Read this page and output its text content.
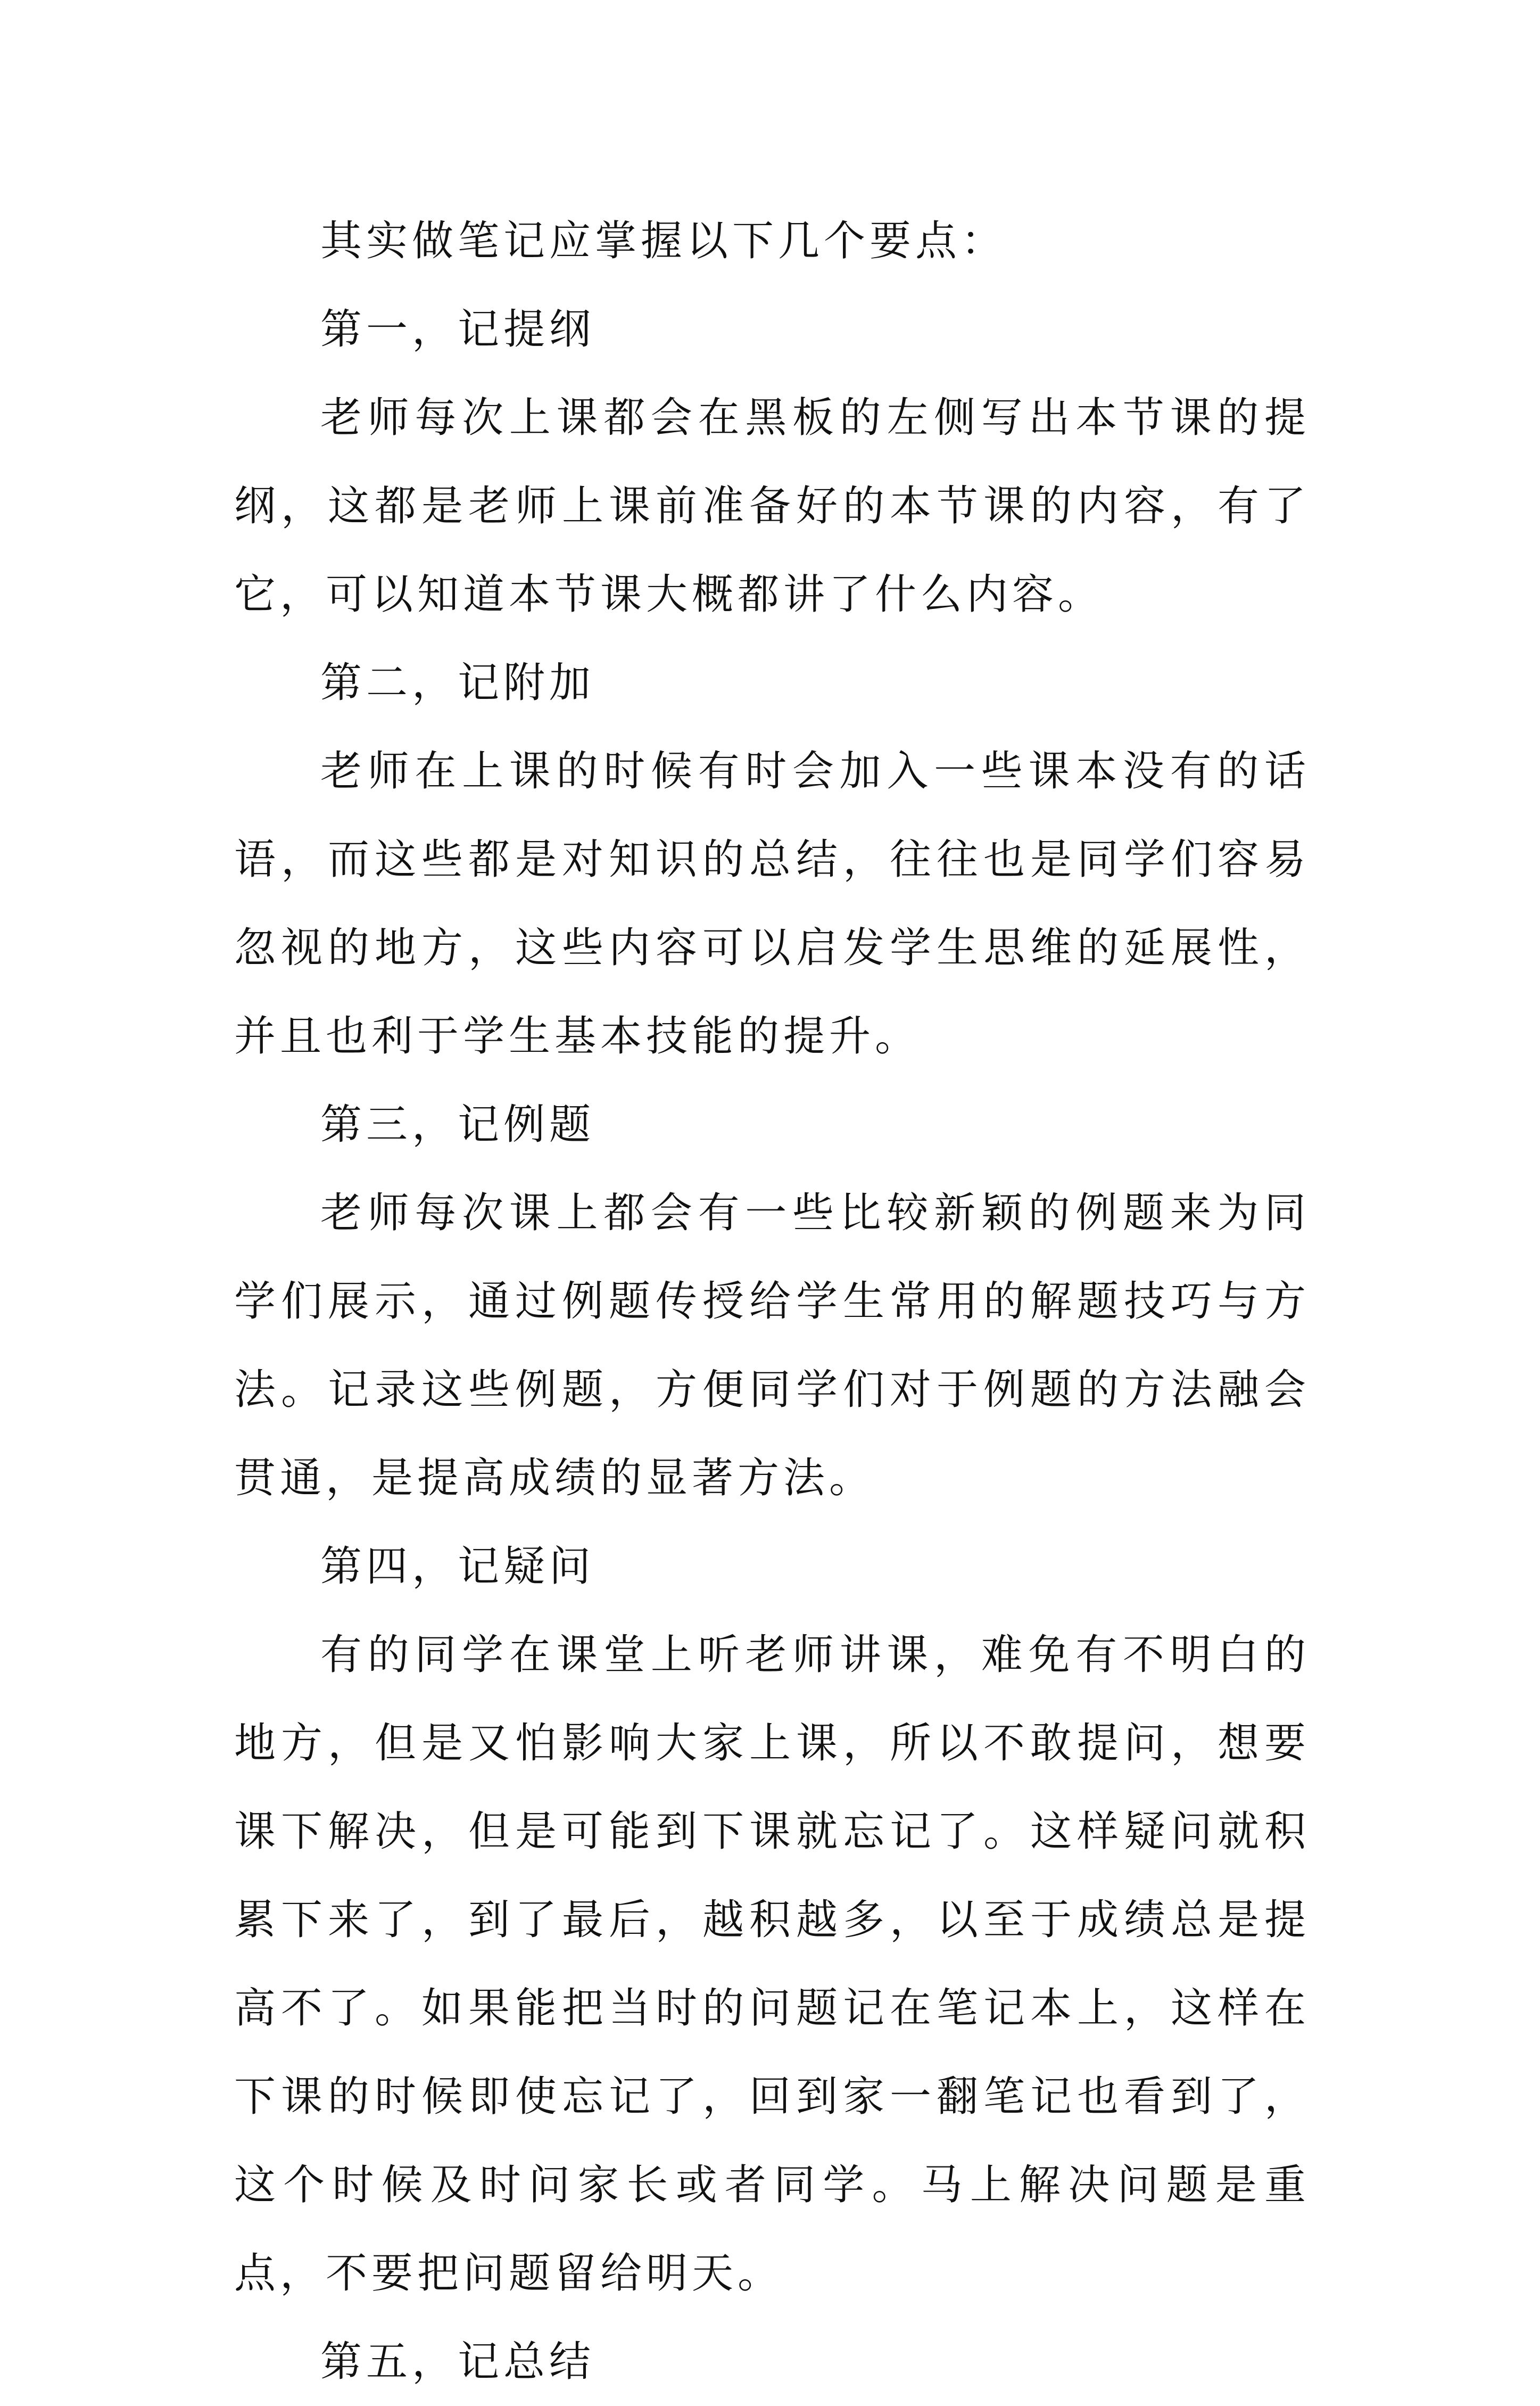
其实做笔记应掌握以下几个要点：

第一，记提纲

老师每次上课都会在黑板的左侧写出本节课的提纲，这都是老师上课前准备好的本节课的内容，有了它，可以知道本节课大概都讲了什么内容。

第二，记附加

老师在上课的时候有时会加入一些课本没有的话语，而这些都是对知识的总结，往往也是同学们容易忽视的地方，这些内容可以启发学生思维的延展性，并且也利于学生基本技能的提升。

第三，记例题

老师每次课上都会有一些比较新颖的例题来为同学们展示，通过例题传授给学生常用的解题技巧与方法。记录这些例题，方便同学们对于例题的方法融会贯通，是提高成绩的显著方法。

第四，记疑问

有的同学在课堂上听老师讲课，难免有不明白的地方，但是又怕影响大家上课，所以不敢提问，想要课下解决，但是可能到下课就忘记了。这样疑问就积累下来了，到了最后，越积越多，以至于成绩总是提高不了。如果能把当时的问题记在笔记本上，这样在下课的时候即使忘记了，回到家一翻笔记也看到了，这个时候及时问家长或者同学。马上解决问题是重点，不要把问题留给明天。

第五，记总结
